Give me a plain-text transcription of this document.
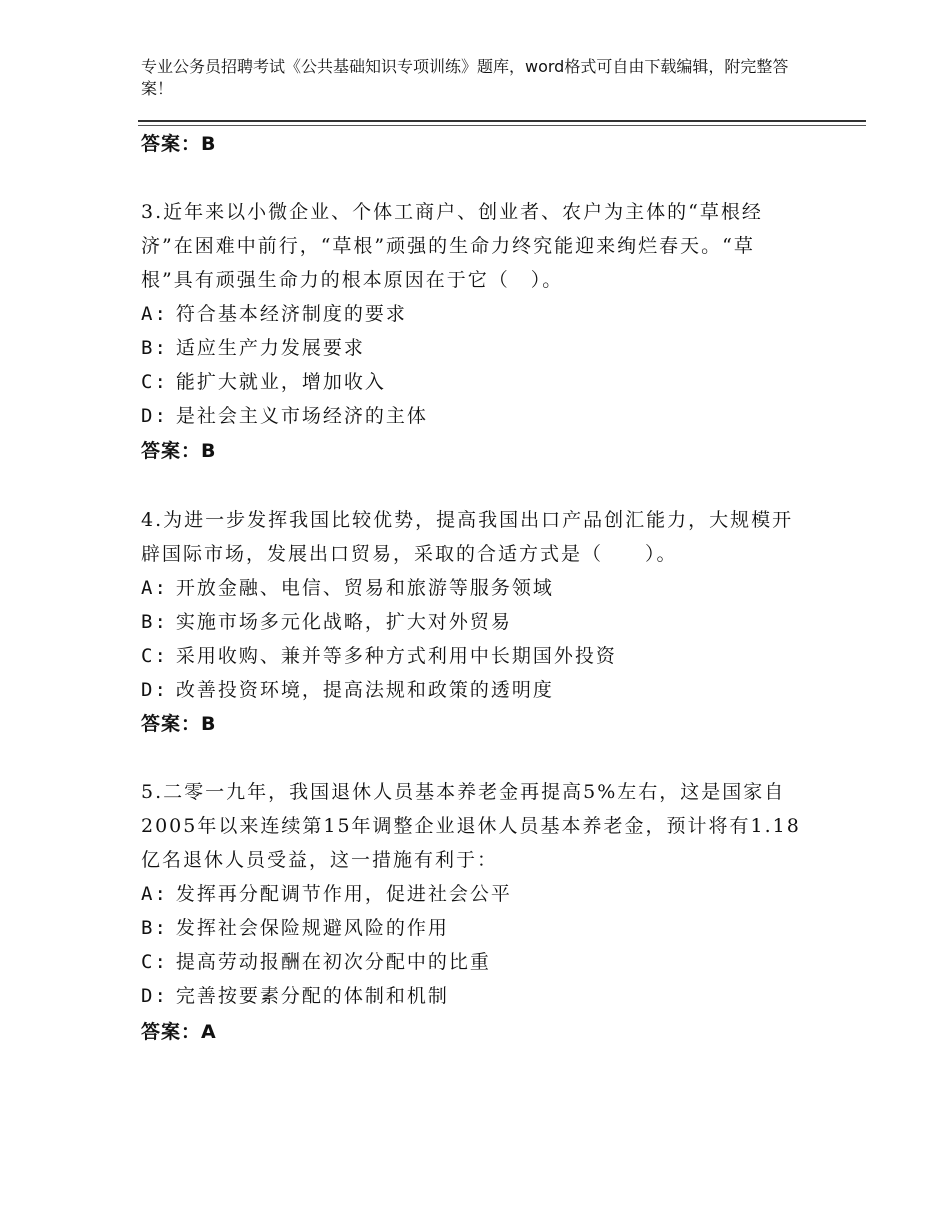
专业公务员招聘考试《公共基础知识专项训练》题库，word格式可自由下载编辑，附完整答案！
答案：B

3.近年来以小微企业、个体工商户、创业者、农户为主体的“草根经济”在困难中前行，“草根”顽强的生命力终究能迎来绚烂春天。“草根”具有顽强生命力的根本原因在于它（　）。

A: 符合基本经济制度的要求

B: 适应生产力发展要求

C: 能扩大就业，增加收入

D: 是社会主义市场经济的主体

答案：B

4.为进一步发挥我国比较优势，提高我国出口产品创汇能力，大规模开辟国际市场，发展出口贸易，采取的合适方式是（　　）。

A: 开放金融、电信、贸易和旅游等服务领域

B: 实施市场多元化战略，扩大对外贸易

C: 采用收购、兼并等多种方式利用中长期国外投资

D: 改善投资环境，提高法规和政策的透明度

答案：B

5.二零一九年，我国退休人员基本养老金再提高5%左右，这是国家自2005年以来连续第15年调整企业退休人员基本养老金，预计将有1.18亿名退休人员受益，这一措施有利于：

A: 发挥再分配调节作用，促进社会公平

B: 发挥社会保险规避风险的作用

C: 提高劳动报酬在初次分配中的比重

D: 完善按要素分配的体制和机制

答案：A
